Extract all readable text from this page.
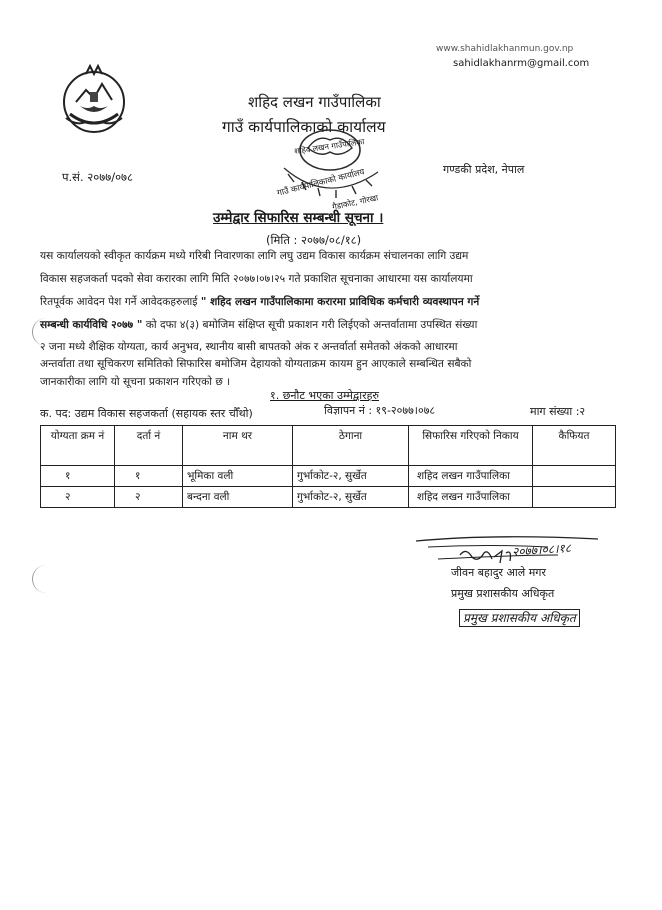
www.shahidlakhanmun.gov.np
sahidlakhanrm@gmail.com
शहिद लखन गाउँपालिका
गाउँ कार्यपालिकाको कार्यालय
प.सं. २०७७/०७८
गण्डकी प्रदेश, नेपाल
शहिद लखन गाउँपालिका
गाउँ कार्यपालिकाको कार्यालय
गैडाकोट, गोरखा
उम्मेद्वार सिफारिस सम्बन्धी सूचना ।
(मिति : २०७७/०८/१८)
यस कार्यालयको स्वीकृत कार्यक्रम मध्ये गरिबी निवारणका लागि लघु उद्यम विकास कार्यक्रम संचालनका लागि उद्यम
विकास सहजकर्ता पदको सेवा करारका लागि मिति २०७७।०७।२५ गते प्रकाशित सूचनाका आधारमा यस कार्यालयमा
रितपूर्वक आवेदन पेश गर्ने आवेदकहरुलाई " शहिद लखन गाउँपालिकामा करारमा प्राविधिक कर्मचारी व्यवस्थापन गर्ने
सम्बन्धी कार्यविधि २०७७ " को दफा ४(३) बमोजिम संक्षिप्त सूची प्रकाशन गरी लिईएको अन्तर्वातामा उपस्थित संख्या
२ जना मध्ये शैक्षिक योग्यता, कार्य अनुभव, स्थानीय बासी बापतको अंक र अन्तर्वार्ता समेतको अंकको आधारमा
अन्तर्वाता तथा सूचिकरण समितिको सिफारिस बमोजिम देहायको योग्यताक्रम कायम हुन आएकाले सम्बन्धित सबैको
जानकारीका लागि यो सूचना प्रकाशन गरिएको छ ।
१. छनौट भएका उम्मेद्वारहरु
क. पद: उद्यम विकास सहजकर्ता (सहायक स्तर चौँथो)	विज्ञापन नं : १९-२०७७।०७८	माग संख्या :२
योग्यता क्रम नं	दर्ता नं	नाम थर	ठेगाना	सिफारिस गरिएको निकाय	कैफियत
१	१	भूमिका वली	गुर्भाकोट-२, सुर्खेत	शहिद लखन गाउँपालिका	
२	२	बन्दना वली	गुर्भाकोट-२, सुर्खेत	शहिद लखन गाउँपालिका	
२०७७।०८।१८
जीवन बहादुर आले मगर
प्रमुख प्रशासकीय अधिकृत
प्रमुख प्रशासकीय अधिकृत
